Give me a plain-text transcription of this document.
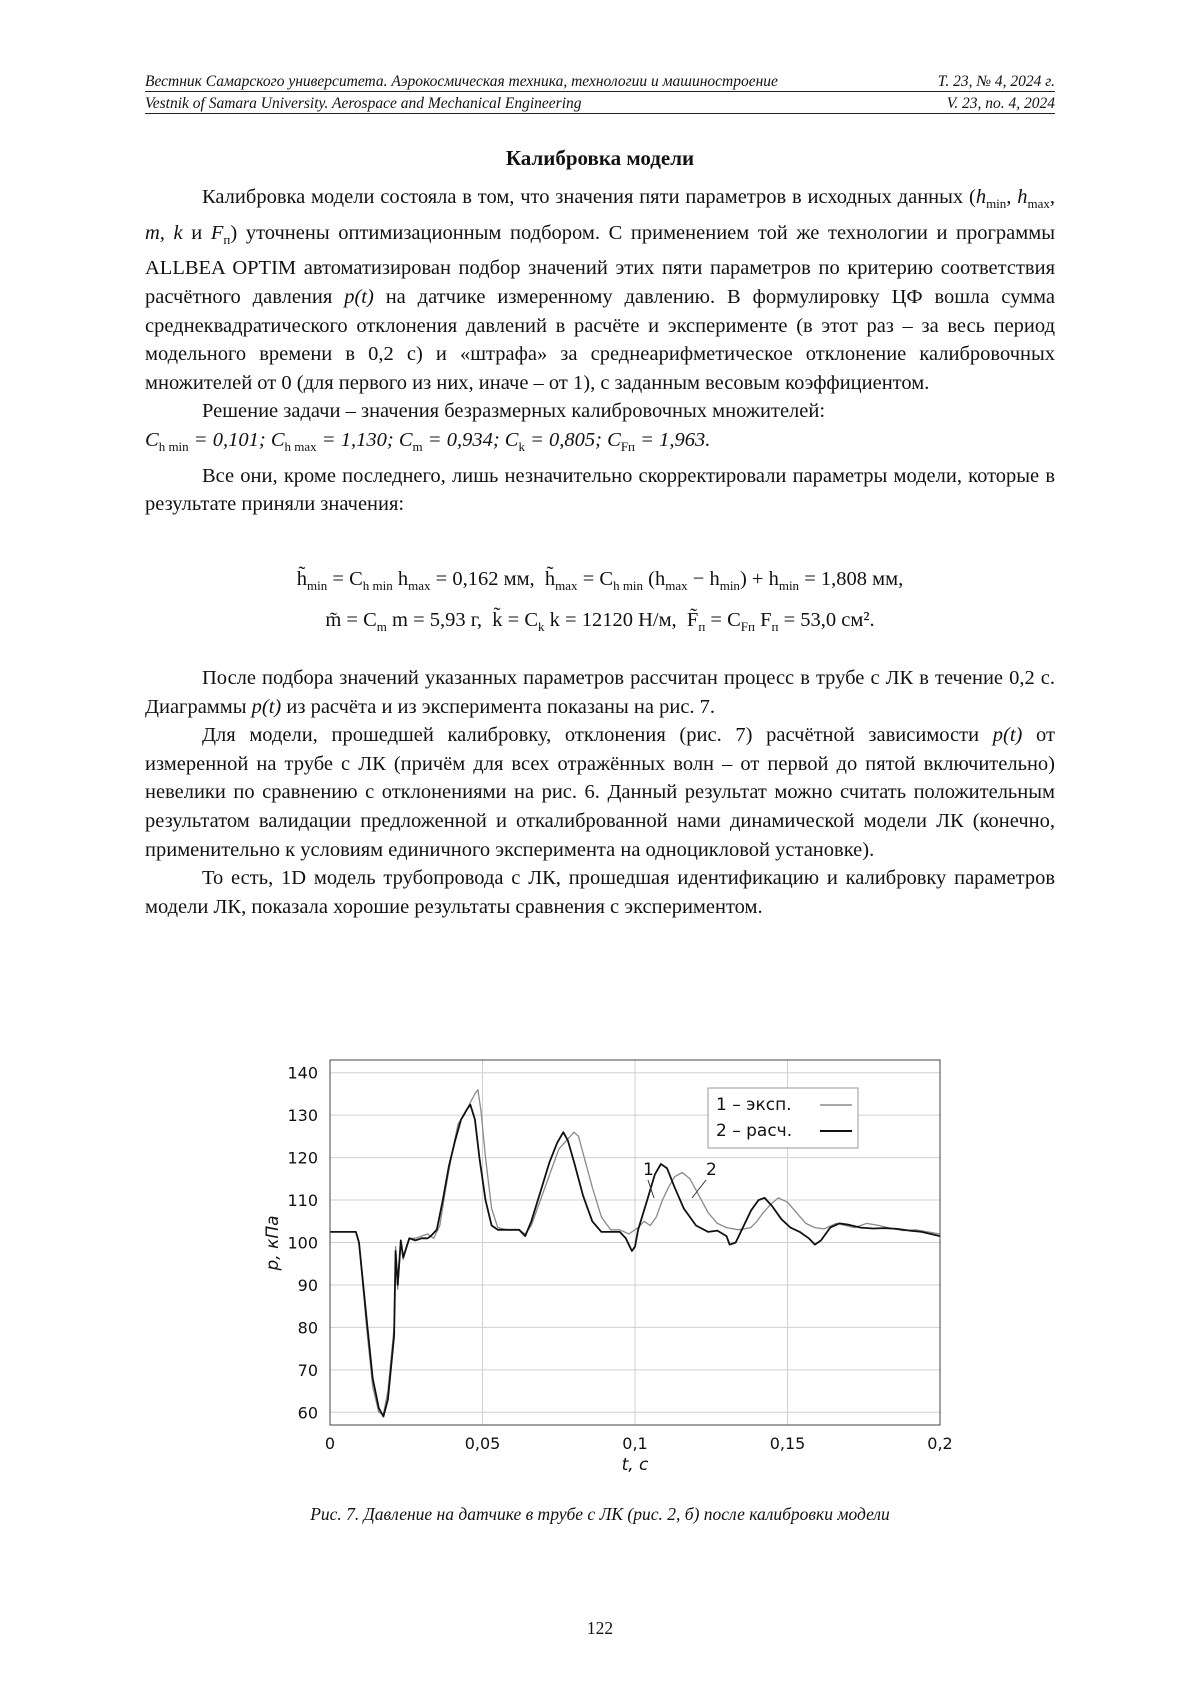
Вестник Самарского университета. Аэрокосмическая техника, технологии и машиностроение	Т. 23, № 4, 2024 г.
Vestnik of Samara University. Aerospace and Mechanical Engineering	V. 23, no. 4, 2024
Калибровка модели

Калибровка модели состояла в том, что значения пяти параметров в исходных данных ($h_{min}$, $h_{max}$, m, k и $F_п$) уточнены оптимизационным подбором. С применением той же технологии и программы ALLBEA OPTIM автоматизирован подбор значений этих пяти параметров по критерию соответствия расчётного давления p(t) на датчике измеренному давлению. В формулировку ЦФ вошла сумма среднеквадратического отклонения давлений в расчёте и эксперименте (в этот раз – за весь период модельного времени в 0,2 с) и «штрафа» за среднеарифметическое отклонение калибровочных множителей от 0 (для первого из них, иначе – от 1), с заданным весовым коэффициентом.

Решение задачи – значения безразмерных калибровочных множителей:

$C_{h min} = 0,101$; $C_{h max} = 1,130$; $C_m = 0,934$; $C_k = 0,805$; $C_{Fп} = 1,963$.

Все они, кроме последнего, лишь незначительно скорректировали параметры модели, которые в результате приняли значения:

$h̃_{min} = C_{h min}$ $h_{max} = 0,162$ мм,  $h̃_{max} = C_{h min}$ $(h_{max} - h_{min}) + h_{min} = 1,808$ мм,
m̃ = $C_m$ m = 5,93 г,  k̃ = $C_k$ k = 12120 Н/м,  $F̃_п = C_{Fп}$ $F_п = 53,0$ см².

После подбора значений указанных параметров рассчитан процесс в трубе с ЛК в течение 0,2 с. Диаграммы p(t) из расчёта и из эксперимента показаны на рис. 7.

Для модели, прошедшей калибровку, отклонения (рис. 7) расчётной зависимости p(t) от измеренной на трубе с ЛК (причём для всех отражённых волн – от первой до пятой включительно) невелики по сравнению с отклонениями на рис. 6. Данный результат можно считать положительным результатом валидации предложенной и откалиброванной нами динамической модели ЛК (конечно, применительно к условиям единичного эксперимента на одноцикловой установке).

То есть, 1D модель трубопровода с ЛК, прошедшая идентификацию и калибровку параметров модели ЛК, показала хорошие результаты сравнения с экспериментом.

60
70
80
90
100
110
120
130
140
0	0,05	0,1	0,15	0,2
1 – эксп.
2 – расч.
1	2
t, с
p, кПа
Рис. 7. Давление на датчике в трубе с ЛК (рис. 2, б) после калибровки модели
122
